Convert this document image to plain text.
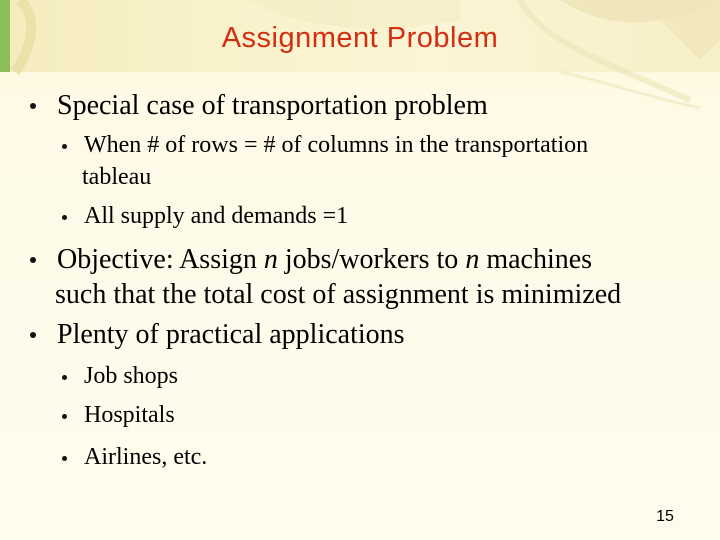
Assignment Problem
Special case of transportation problem
When # of rows = # of columns in the transportation
tableau
All supply and demands =1
Objective: Assign n jobs/workers to n machines
such that the total cost of assignment is minimized
Plenty of practical applications
Job shops
Hospitals
Airlines, etc.
15
